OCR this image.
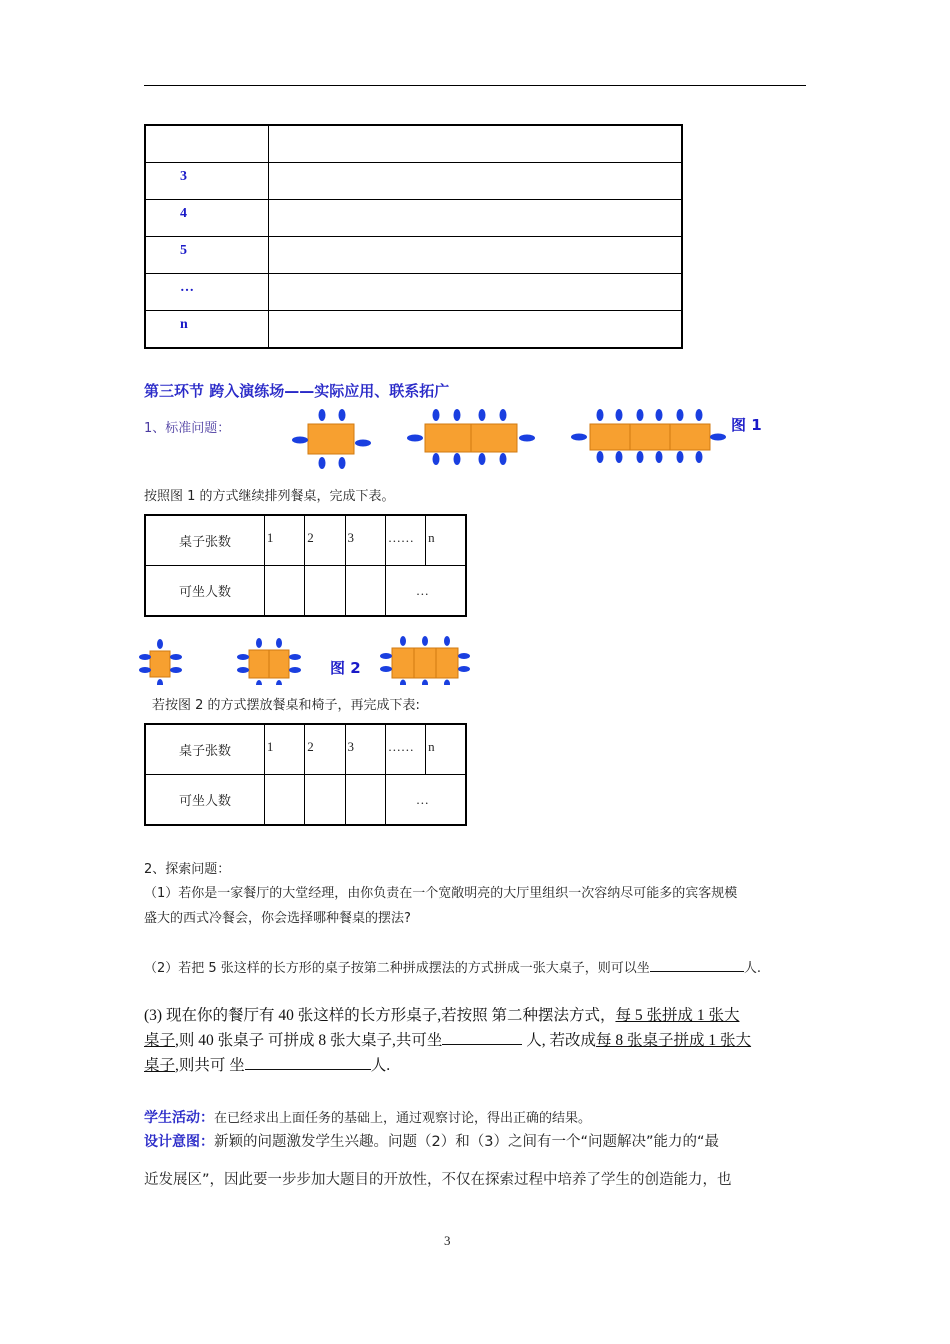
3	
4	
5	
…	
n	
第三环节 跨入演练场——实际应用、联系拓广
1、标准问题：	图 1
按照图 1 的方式继续排列餐桌，完成下表。
桌子张数	1	2	3	……	n
可坐人数				…	
图 2
若按图 2 的方式摆放餐桌和椅子，再完成下表:
桌子张数	1	2	3	……	n
可坐人数				…	
2、探索问题：
（1）若你是一家餐厅的大堂经理，由你负责在一个宽敞明亮的大厅里组织一次容纳尽可能多的宾客规模
盛大的西式冷餐会，你会选择哪种餐桌的摆法?
（2）若把 5 张这样的长方形的桌子按第二种拼成摆法的方式拼成一张大桌子，则可以坐	人.
(3) 现在你的餐厅有 40 张这样的长方形桌子,若按照 第二种摆法方式，每 5 张拼成 1 张大
桌子,则 40 张桌子 可拼成 8 张大桌子,共可坐	人, 若改成每 8 张桌子拼成 1 张大
桌子,则共可 坐	人.
学生活动：在已经求出上面任务的基础上，通过观察讨论，得出正确的结果。
设计意图：新颖的问题激发学生兴趣。问题（2）和（3）之间有一个“问题解决”能力的“最
近发展区”，因此要一步步加大题目的开放性，不仅在探索过程中培养了学生的创造能力，也
3
